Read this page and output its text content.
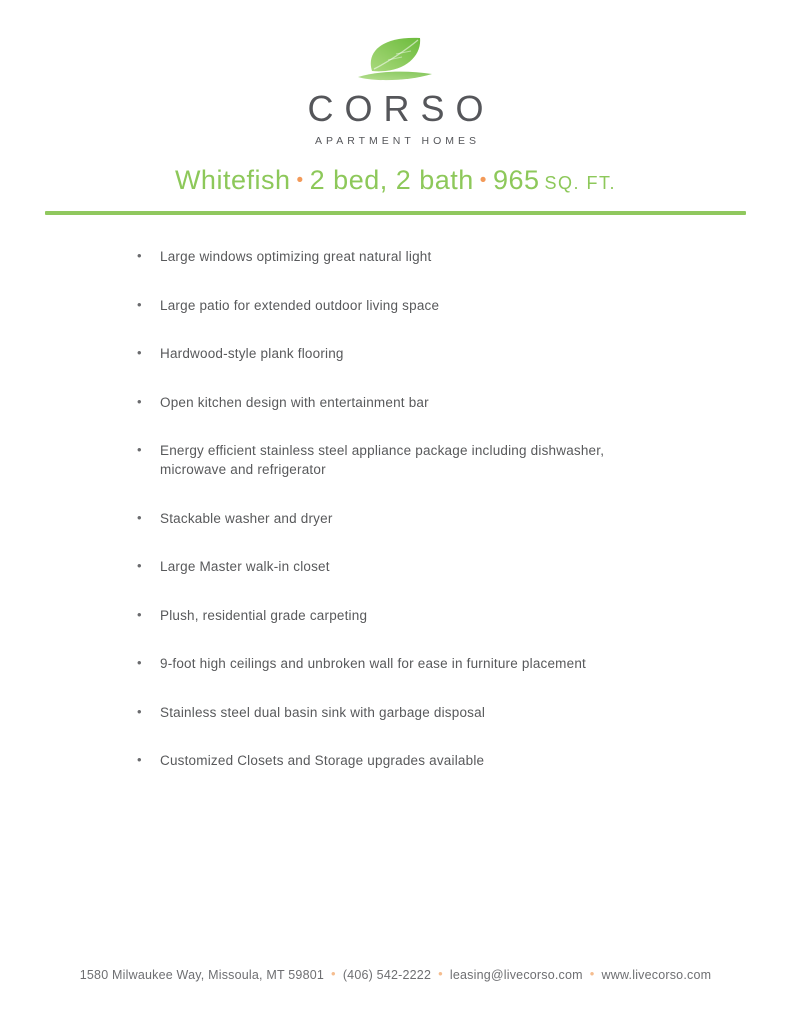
CORSO
APARTMENT HOMES
Whitefish • 2 bed, 2 bath • 965 SQ. FT.
• Large windows optimizing great natural light
• Large patio for extended outdoor living space
• Hardwood-style plank flooring
• Open kitchen design with entertainment bar
• Energy efficient stainless steel appliance package including dishwasher, microwave and refrigerator
• Stackable washer and dryer
• Large Master walk-in closet
• Plush, residential grade carpeting
• 9-foot high ceilings and unbroken wall for ease in furniture placement
• Stainless steel dual basin sink with garbage disposal
• Customized Closets and Storage upgrades available
1580 Milwaukee Way, Missoula, MT 59801 • (406) 542-2222 • leasing@livecorso.com • www.livecorso.com
